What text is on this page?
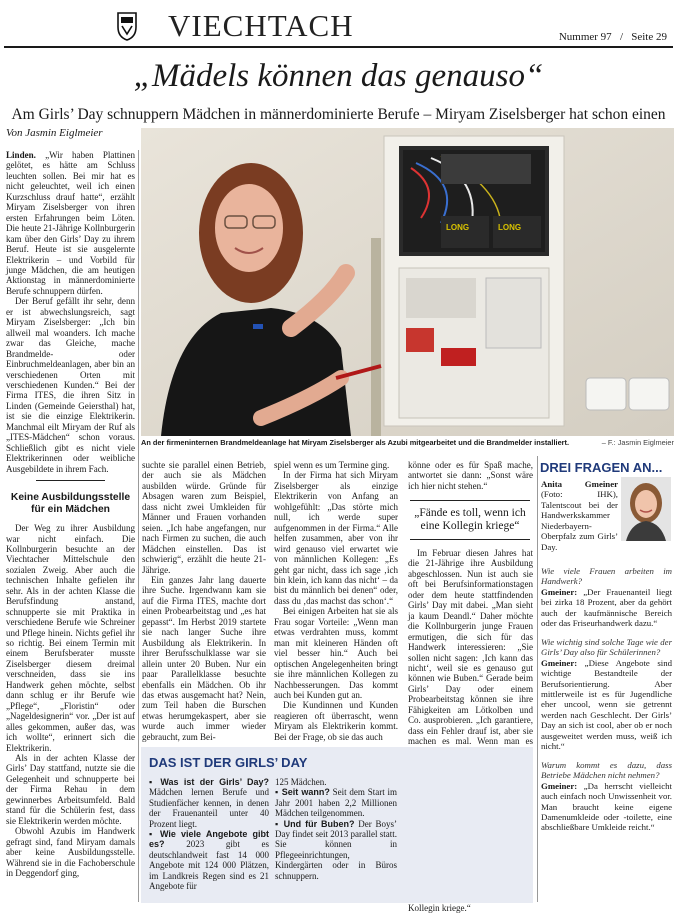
VIECHTACH	Nummer 97 / Seite 29
„Mädels können das genauso“
Am Girls’ Day schnuppern Mädchen in männerdominierte Berufe – Miryam Ziselsberger hat schon einen
Von Jasmin Eiglmeier
LONG	LONG
An der firmeninternen Brandmeldeanlage hat Miryam Ziselsberger als Azubi mitgearbeitet und die Brandmelder installiert.	– F.: Jasmin Eiglmeier

Linden. „Wir haben Plattinen gelötet, es hätte am Schluss leuchten sollen. Bei mir hat es nicht geleuchtet, weil ich einen Kurzschluss drauf hatte“, erzählt Miryam Ziselsberger von ihren ersten Erfahrungen beim Löten. Die heute 21-Jährige Kollnburgerin kam über den Girls’ Day zu ihrem Beruf. Heute ist sie ausgelernte Elektrikerin – und Vorbild für junge Mädchen, die am heutigen Aktionstag in männerdominierte Berufe schnuppern dürfen.

Der Beruf gefällt ihr sehr, denn er ist abwechslungsreich, sagt Miryam Ziselsberger: „Ich bin allweil mal woanders. Ich mache zwar das Gleiche, mache Brandmelde- oder Einbruchmeldeanlagen, aber bin an verschiedenen Orten mit verschiedenen Kunden.“ Bei der Firma ITES, die ihren Sitz in Linden (Gemeinde Geiersthal) hat, ist sie die einzige Elektrikerin. Manchmal eilt Miryam der Ruf als „ITES-Mädchen“ schon voraus. Schließlich gibt es nicht viele Elektrikerinnen oder weibliche Ausgebildete in ihrem Fach.

Keine Ausbildungsstelle für ein Mädchen

Der Weg zu ihrer Ausbildung war nicht einfach. Die Kollnburgerin besuchte an der Viechtacher Mittelschule den sozialen Zweig. Aber auch die technischen Inhalte gefielen ihr sehr. Als in der achten Klasse die Berufsfindung anstand, schnupperte sie mit Praktika in verschiedene Berufe wie Schreiner und Pflege hinein. Nichts gefiel ihr so richtig. Bei einem Termin mit einem Berufsberater musste Ziselsberger diesem dreimal verschneiden, dass sie ins Handwerk gehen möchte, selbst dann schlug er ihr Berufe wie „Pflege“, „Floristin“ oder „Nageldesignerin“ vor. „Der ist auf alles gekommen, außer das, was ich wollte“, erinnert sich die Elektrikerin.

Als in der achten Klasse der Girls’ Day stattfand, nutzte sie die Gelegenheit und schnupperte bei der Firma Rehau in dem gewinnerbes Arbeitsumfeld. Bald stand für die Schülerin fest, dass sie Elektrikerin werden möchte.

Obwohl Azubis im Handwerk gefragt sind, fand Miryam damals aber keine Ausbildungsstelle. Während sie in die Fachoberschule in Deggendorf ging,

suchte sie parallel einen Betrieb, der auch sie als Mädchen ausbilden würde. Gründe für Absagen waren zum Beispiel, dass nicht zwei Umkleiden für Männer und Frauen vorhanden seien. „Ich habe angefangen, nur nach Firmen zu suchen, die auch Mädchen einstellen. Das ist schwierig“, erzählt die heute 21-Jährige.

Ein ganzes Jahr lang dauerte ihre Suche. Irgendwann kam sie auf die Firma ITES, machte dort einen Probearbeitstag und „es hat gepasst“. Im Herbst 2019 startete sie nach langer Suche ihre Ausbildung als Elektrikerin. In ihrer Berufsschulklasse war sie allein unter 20 Buben. Nur ein paar Parallelklasse besuchte ebenfalls ein Mädchen. Ob ihr das etwas ausgemacht hat? Nein, zum Teil haben die Burschen etwas herumgekaspert, aber sie wurde auch immer wieder gebraucht, zum Bei-

spiel wenn es um Termine ging.

In der Firma hat sich Miryam Ziselsberger als einzige Elektrikerin von Anfang an wohlgefühlt: „Das störte mich null, ich werde super aufgenommen in der Firma.“ Alle helfen zusammen, aber von ihr wird genauso viel erwartet wie von männlichen Kollegen: „Es geht gar nicht, dass ich sage ‚ich bin klein, ich kann das nicht‘ – da bist du männlich bei denen“ oder, dass du ‚das machst das schon‘.“

Bei einigen Arbeiten hat sie als Frau sogar Vorteile: „Wenn man etwas verdrahten muss, kommt man mit kleineren Händen oft viel besser hin.“ Auch bei optischen Angelegenheiten bringt sie ihre männlichen Kollegen zu Nachbesserungen. Das kommt auch bei Kunden gut an.

Die Kundinnen und Kunden reagieren oft überrascht, wenn Miryam als Elektrikerin kommt. Bei der Frage, ob sie das auch

könne oder es für Spaß mache, antwortet sie dann: „Sonst wäre ich hier nicht stehen.“

„Fände es toll, wenn ich eine Kollegin kriege“

Im Februar diesen Jahres hat die 21-Jährige ihre Ausbildung abgeschlossen. Nun ist auch sie oft bei Berufsinformationstagen oder dem heute stattfindenden Girls’ Day mit dabei. „Man sieht ja kaum Deandl.“ Daher möchte die Kollnburgerin junge Frauen ermutigen, die sich für das Handwerk interessieren: „Sie sollen nicht sagen: ‚Ich kann das nicht‘, weil sie es genauso gut können wie Buben.“ Gerade beim Girls’ Day oder einem Probearbeitstag können sie ihre Fähigkeiten am Lötkolben und Co. ausprobieren. „Ich garantiere, dass ein Fehler drauf ist, aber sie machen es mal. Wenn man es

Kollegin kriege.“

DAS IST DER GIRLS’ DAY

▪ Was ist der Girls’ Day? Mädchen lernen Berufe und Studienfächer kennen, in denen der Frauenanteil unter 40 Prozent liegt.

▪ Wie viele Angebote gibt es? 2023 gibt es deutschlandweit fast 14 000 Angebote mit 124 000 Plätzen, im Landkreis Regen sind es 21 Angebote für

125 Mädchen.

▪ Seit wann? Seit dem Start im Jahr 2001 haben 2,2 Millionen Mädchen teilgenommen.

▪ Und für Buben? Der Boys’ Day findet seit 2013 parallel statt. Sie können in Pflegeeinrichtungen, Kindergärten oder in Büros schnuppern.

DREI FRAGEN AN...

Anita Gmeiner (Foto: IHK), Talentscout bei der Handwerkskammer Niederbayern-Oberpfalz zum Girls’ Day.

Wie viele Frauen arbeiten im Handwerk?

Gmeiner: „Der Frauenanteil liegt bei zirka 18 Prozent, aber da gehört auch der kaufmännische Bereich oder das Friseurhandwerk dazu.“

Wie wichtig sind solche Tage wie der Girls’ Day also für Schülerinnen?

Gmeiner: „Diese Angebote sind wichtige Bestandteile der Berufsorientierung. Aber mittlerweile ist es für Jugendliche eher uncool, wenn sie getrennt werden nach Geschlecht. Der Girls’ Day an sich ist cool, aber ob er noch ausgeweitet werden muss, weiß ich nicht.“

Warum kommt es dazu, dass Betriebe Mädchen nicht nehmen?

Gmeiner: „Da herrscht vielleicht auch einfach noch Unwissenheit vor. Man braucht keine eigene Damenumkleide oder -toilette, eine abschließbare Umkleide reicht.“
